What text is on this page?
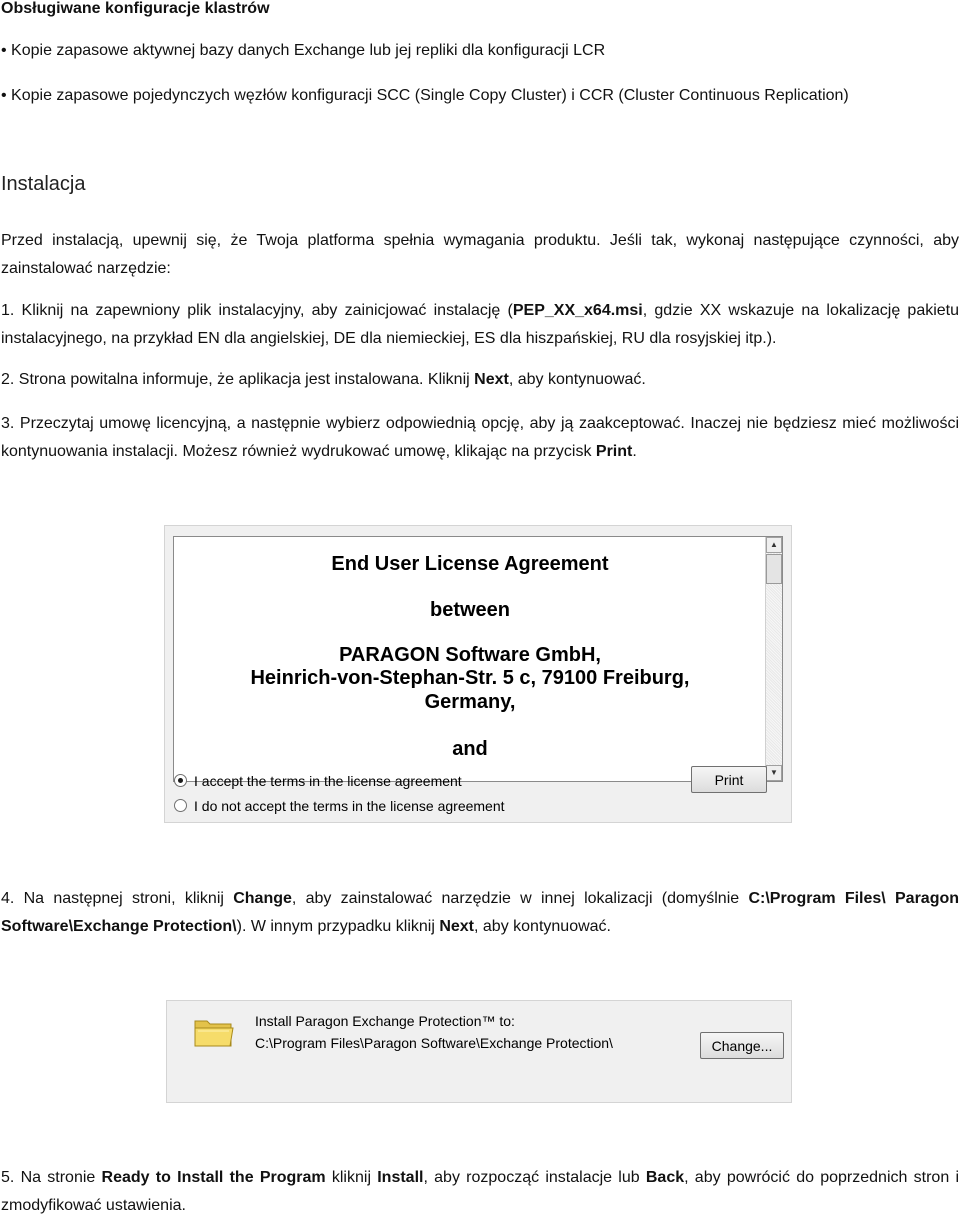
Obsługiwane konfiguracje klastrów
• Kopie zapasowe aktywnej bazy danych Exchange lub jej repliki dla konfiguracji LCR
• Kopie zapasowe pojedynczych węzłów konfiguracji SCC (Single Copy Cluster) i CCR (Cluster Continuous Replication)
Instalacja
Przed instalacją, upewnij się, że Twoja platforma spełnia wymagania produktu. Jeśli tak, wykonaj następujące czynności, aby zainstalować narzędzie:
1. Kliknij na zapewniony plik instalacyjny, aby zainicjować instalację (PEP_XX_x64.msi, gdzie XX wskazuje na lokalizację pakietu instalacyjnego, na przykład EN dla angielskiej, DE dla niemieckiej, ES dla hiszpańskiej, RU dla rosyjskiej itp.).
2. Strona powitalna informuje, że aplikacja jest instalowana. Kliknij Next, aby kontynuować.
3. Przeczytaj umowę licencyjną, a następnie wybierz odpowiednią opcję, aby ją zaakceptować. Inaczej nie będziesz mieć możliwości kontynuowania instalacji. Możesz również wydrukować umowę, klikając na przycisk Print.
End User License Agreement
between
PARAGON Software GmbH,
Heinrich-von-Stephan-Str. 5 c, 79100 Freiburg,
Germany,
and
▲
▼
I accept the terms in the license agreement
I do not accept the terms in the license agreement
Print
4. Na następnej stroni, kliknij Change, aby zainstalować narzędzie w innej lokalizacji (domyślnie C:\Program Files\ Paragon Software\Exchange Protection\). W innym przypadku kliknij Next, aby kontynuować.
Install Paragon Exchange Protection™ to:
C:\Program Files\Paragon Software\Exchange Protection\	Change...
5. Na stronie Ready to Install the Program kliknij Install, aby rozpocząć instalacje lub Back, aby powrócić do poprzednich stron i zmodyfikować ustawienia.
